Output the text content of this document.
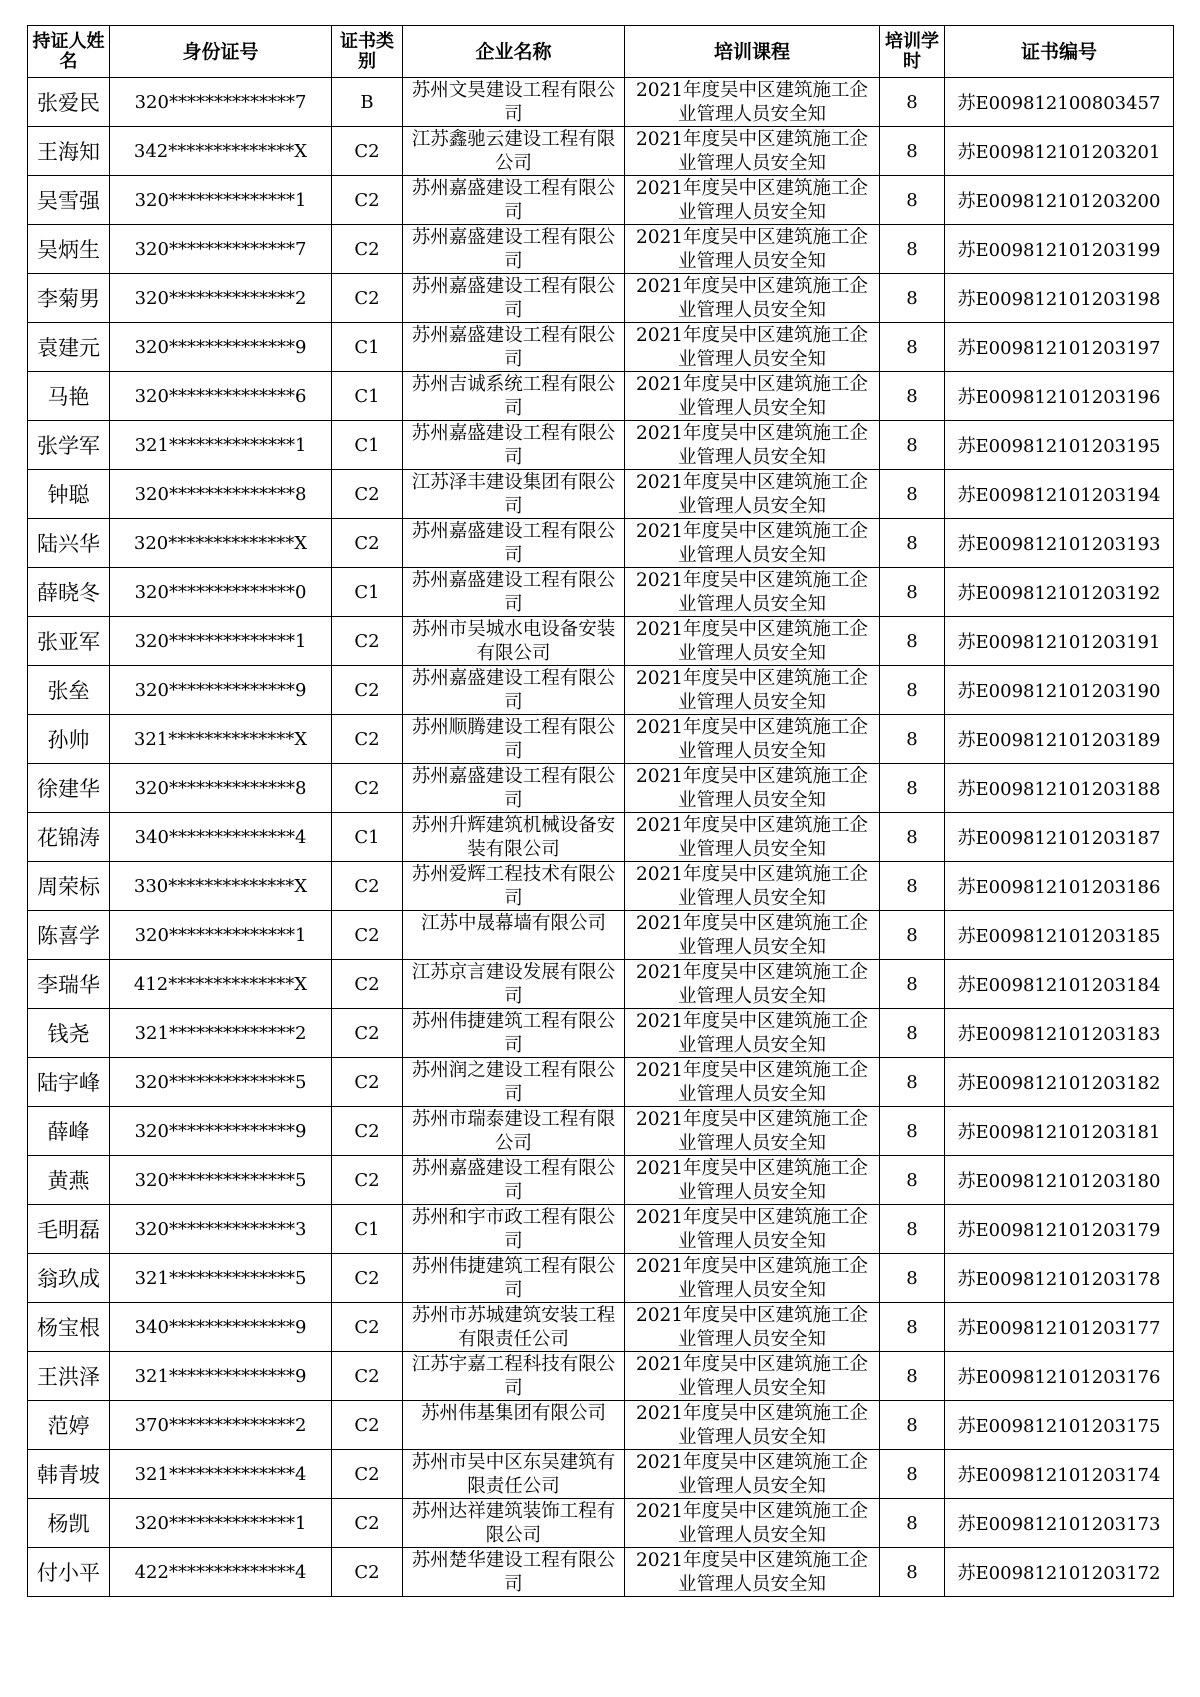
持证人姓名	身份证号	证书类别	企业名称	培训课程	培训学时	证书编号
张爱民	320**************7	B	苏州文昊建设工程有限公司	2021年度吴中区建筑施工企业管理人员安全知	8	苏E009812100803457
王海知	342**************X	C2	江苏鑫驰云建设工程有限公司	2021年度吴中区建筑施工企业管理人员安全知	8	苏E009812101203201
吴雪强	320**************1	C2	苏州嘉盛建设工程有限公司	2021年度吴中区建筑施工企业管理人员安全知	8	苏E009812101203200
吴炳生	320**************7	C2	苏州嘉盛建设工程有限公司	2021年度吴中区建筑施工企业管理人员安全知	8	苏E009812101203199
李菊男	320**************2	C2	苏州嘉盛建设工程有限公司	2021年度吴中区建筑施工企业管理人员安全知	8	苏E009812101203198
袁建元	320**************9	C1	苏州嘉盛建设工程有限公司	2021年度吴中区建筑施工企业管理人员安全知	8	苏E009812101203197
马艳	320**************6	C1	苏州吉诚系统工程有限公司	2021年度吴中区建筑施工企业管理人员安全知	8	苏E009812101203196
张学军	321**************1	C1	苏州嘉盛建设工程有限公司	2021年度吴中区建筑施工企业管理人员安全知	8	苏E009812101203195
钟聪	320**************8	C2	江苏泽丰建设集团有限公司	2021年度吴中区建筑施工企业管理人员安全知	8	苏E009812101203194
陆兴华	320**************X	C2	苏州嘉盛建设工程有限公司	2021年度吴中区建筑施工企业管理人员安全知	8	苏E009812101203193
薛晓冬	320**************0	C1	苏州嘉盛建设工程有限公司	2021年度吴中区建筑施工企业管理人员安全知	8	苏E009812101203192
张亚军	320**************1	C2	苏州市吴城水电设备安装有限公司	2021年度吴中区建筑施工企业管理人员安全知	8	苏E009812101203191
张垒	320**************9	C2	苏州嘉盛建设工程有限公司	2021年度吴中区建筑施工企业管理人员安全知	8	苏E009812101203190
孙帅	321**************X	C2	苏州顺腾建设工程有限公司	2021年度吴中区建筑施工企业管理人员安全知	8	苏E009812101203189
徐建华	320**************8	C2	苏州嘉盛建设工程有限公司	2021年度吴中区建筑施工企业管理人员安全知	8	苏E009812101203188
花锦涛	340**************4	C1	苏州升辉建筑机械设备安装有限公司	2021年度吴中区建筑施工企业管理人员安全知	8	苏E009812101203187
周荣标	330**************X	C2	苏州爱辉工程技术有限公司	2021年度吴中区建筑施工企业管理人员安全知	8	苏E009812101203186
陈喜学	320**************1	C2	江苏中晟幕墙有限公司	2021年度吴中区建筑施工企业管理人员安全知	8	苏E009812101203185
李瑞华	412**************X	C2	江苏京言建设发展有限公司	2021年度吴中区建筑施工企业管理人员安全知	8	苏E009812101203184
钱尧	321**************2	C2	苏州伟捷建筑工程有限公司	2021年度吴中区建筑施工企业管理人员安全知	8	苏E009812101203183
陆宇峰	320**************5	C2	苏州润之建设工程有限公司	2021年度吴中区建筑施工企业管理人员安全知	8	苏E009812101203182
薛峰	320**************9	C2	苏州市瑞泰建设工程有限公司	2021年度吴中区建筑施工企业管理人员安全知	8	苏E009812101203181
黄燕	320**************5	C2	苏州嘉盛建设工程有限公司	2021年度吴中区建筑施工企业管理人员安全知	8	苏E009812101203180
毛明磊	320**************3	C1	苏州和宇市政工程有限公司	2021年度吴中区建筑施工企业管理人员安全知	8	苏E009812101203179
翁玖成	321**************5	C2	苏州伟捷建筑工程有限公司	2021年度吴中区建筑施工企业管理人员安全知	8	苏E009812101203178
杨宝根	340**************9	C2	苏州市苏城建筑安装工程有限责任公司	2021年度吴中区建筑施工企业管理人员安全知	8	苏E009812101203177
王洪泽	321**************9	C2	江苏宇嘉工程科技有限公司	2021年度吴中区建筑施工企业管理人员安全知	8	苏E009812101203176
范婷	370**************2	C2	苏州伟基集团有限公司	2021年度吴中区建筑施工企业管理人员安全知	8	苏E009812101203175
韩青坡	321**************4	C2	苏州市吴中区东吴建筑有限责任公司	2021年度吴中区建筑施工企业管理人员安全知	8	苏E009812101203174
杨凯	320**************1	C2	苏州达祥建筑装饰工程有限公司	2021年度吴中区建筑施工企业管理人员安全知	8	苏E009812101203173
付小平	422**************4	C2	苏州楚华建设工程有限公司	2021年度吴中区建筑施工企业管理人员安全知	8	苏E009812101203172
